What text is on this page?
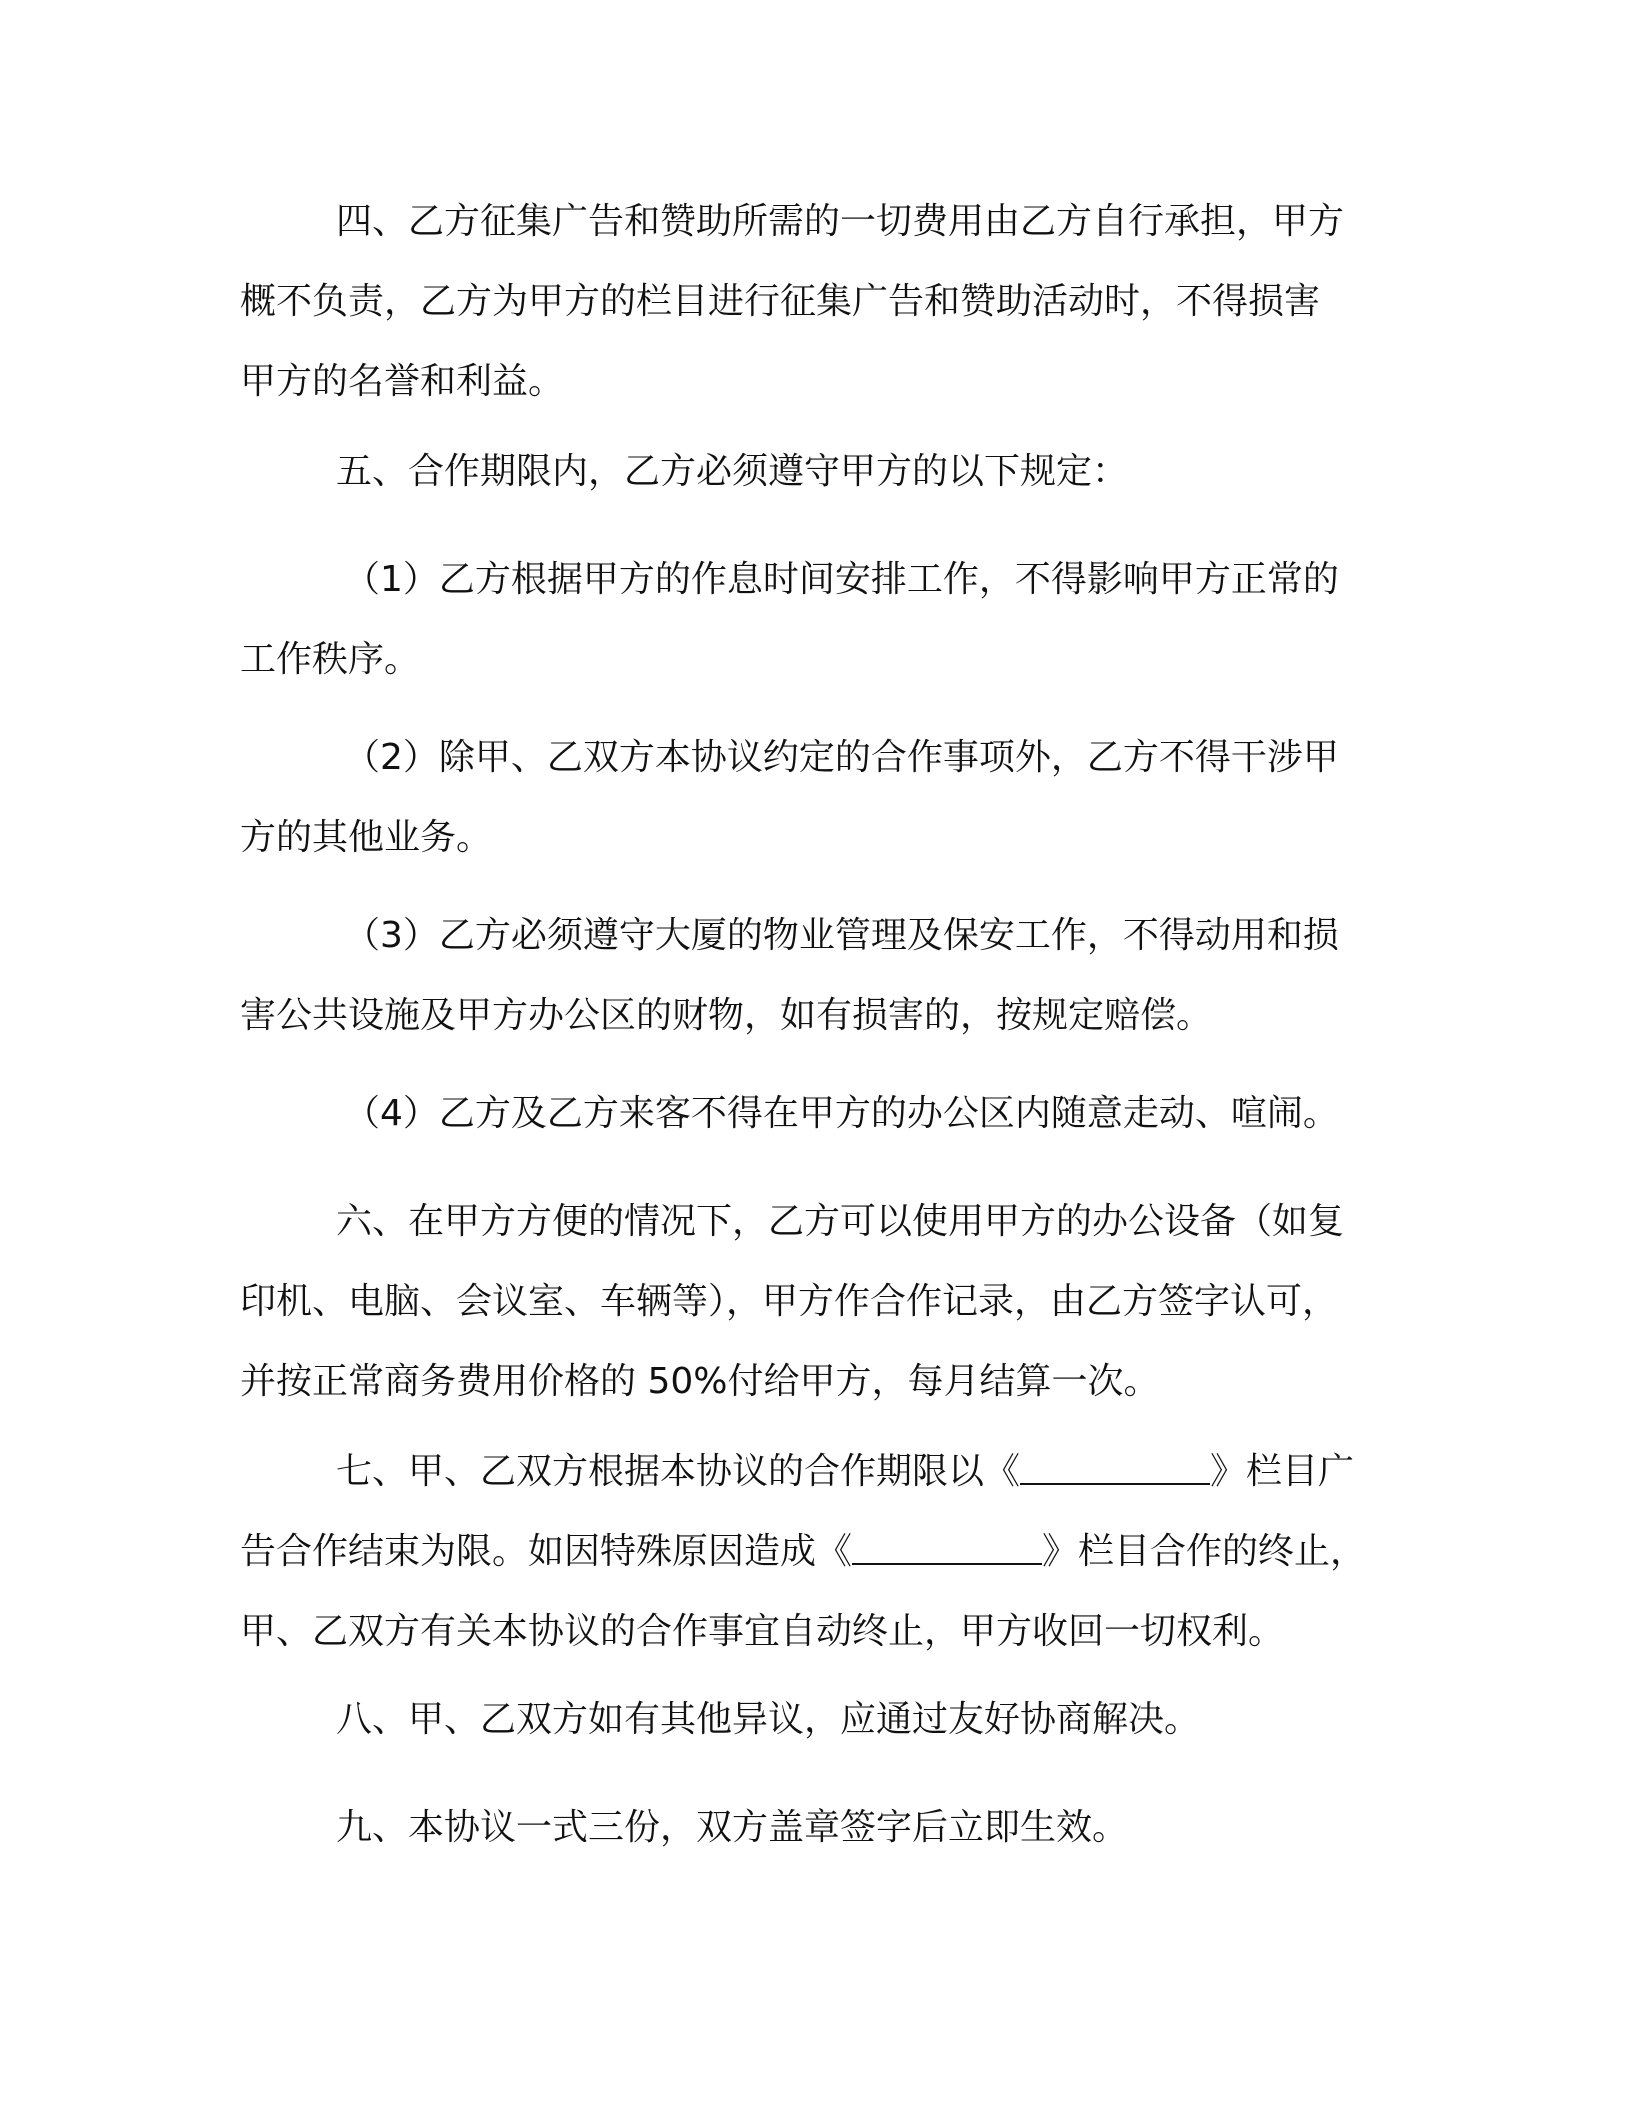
四、乙方征集广告和赞助所需的一切费用由乙方自行承担，甲方
概不负责，乙方为甲方的栏目进行征集广告和赞助活动时，不得损害
甲方的名誉和利益。
五、合作期限内，乙方必须遵守甲方的以下规定：
（1）乙方根据甲方的作息时间安排工作，不得影响甲方正常的
工作秩序。
（2）除甲、乙双方本协议约定的合作事项外，乙方不得干涉甲
方的其他业务。
（3）乙方必须遵守大厦的物业管理及保安工作，不得动用和损
害公共设施及甲方办公区的财物，如有损害的，按规定赔偿。
（4）乙方及乙方来客不得在甲方的办公区内随意走动、喧闹。
六、在甲方方便的情况下，乙方可以使用甲方的办公设备（如复
印机、电脑、会议室、车辆等），甲方作合作记录，由乙方签字认可，
并按正常商务费用价格的 50%付给甲方，每月结算一次。
七、甲、乙双方根据本协议的合作期限以《	》栏目广
告合作结束为限。如因特殊原因造成《	》栏目合作的终止，
甲、乙双方有关本协议的合作事宜自动终止，甲方收回一切权利。
八、甲、乙双方如有其他异议，应通过友好协商解决。
九、本协议一式三份，双方盖章签字后立即生效。
